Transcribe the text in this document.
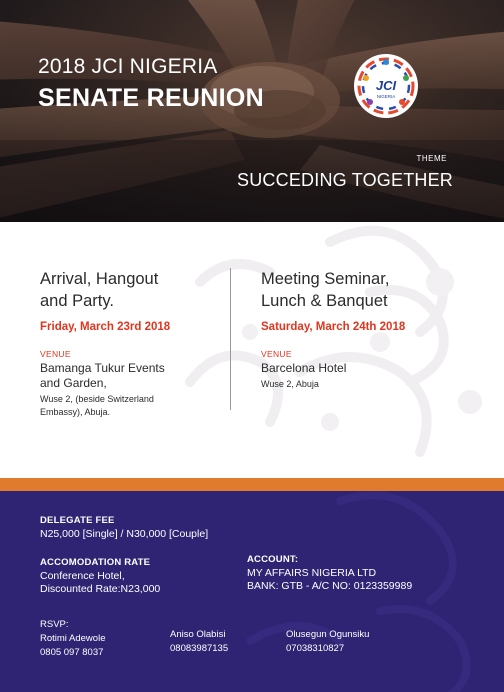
2018 JCI NIGERIA
SENATE REUNION	JCI
NIGERIA
THEME
SUCCEDING TOGETHER
Arrival, Hangout
and Party.
Friday, March 23rd 2018
VENUE
Bamanga Tukur Events
and Garden,
Wuse 2, (beside Switzerland
Embassy), Abuja.
Meeting Seminar,
Lunch & Banquet
Saturday, March 24th 2018
VENUE
Barcelona Hotel
Wuse 2, Abuja
DELEGATE FEE
N25,000 [Single] / N30,000 [Couple]
ACCOMODATION RATE
Conference Hotel,
Discounted Rate:N23,000
ACCOUNT:
MY AFFAIRS NIGERIA LTD
BANK: GTB - A/C NO: 0123359989
RSVP:
Rotimi Adewole
0805 097 8037
Aniso Olabisi
08083987135
Olusegun Ogunsiku
07038310827
